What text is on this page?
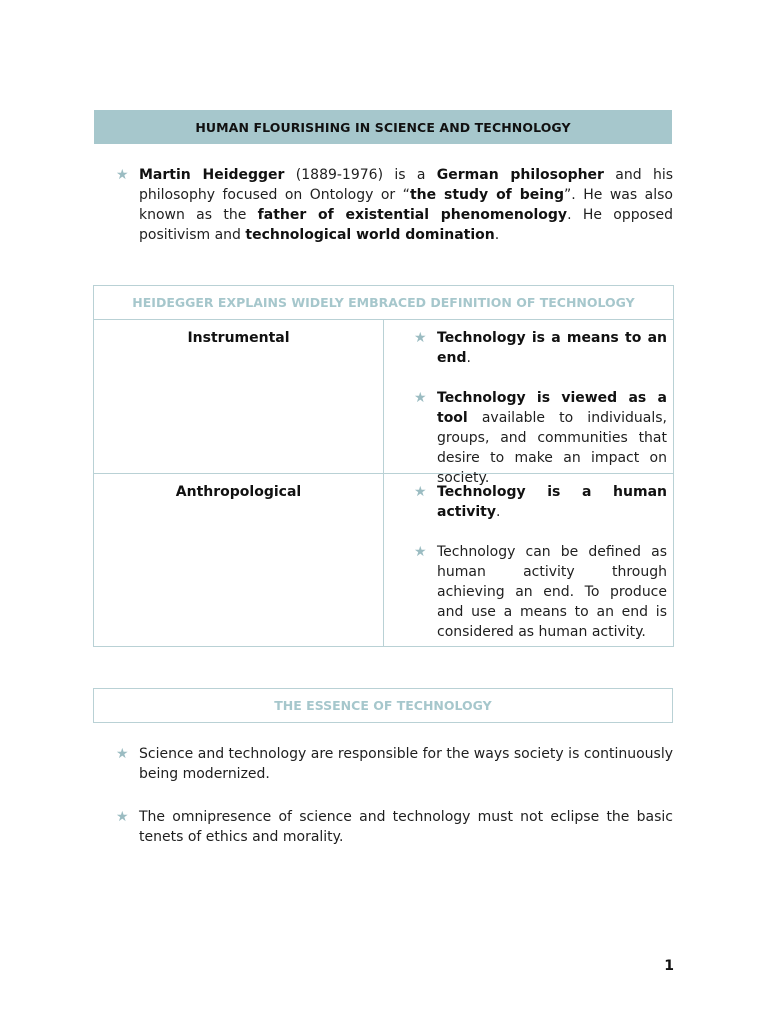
HUMAN FLOURISHING IN SCIENCE AND TECHNOLOGY
★ Martin Heidegger (1889-1976) is a German philosopher and his philosophy focused on Ontology or “the study of being”. He was also known as the father of existential phenomenology. He opposed positivism and technological world domination.
HEIDEGGER EXPLAINS WIDELY EMBRACED DEFINITION OF TECHNOLOGY
Instrumental	★ Technology is a means to an end.
★ Technology is viewed as a tool available to individuals, groups, and communities that desire to make an impact on society.
Anthropological	★ Technology is a human activity.
★ Technology can be defined as human activity through achieving an end. To produce and use a means to an end is considered as human activity.
THE ESSENCE OF TECHNOLOGY
★ Science and technology are responsible for the ways society is continuously being modernized.
★ The omnipresence of science and technology must not eclipse the basic tenets of ethics and morality.
1
